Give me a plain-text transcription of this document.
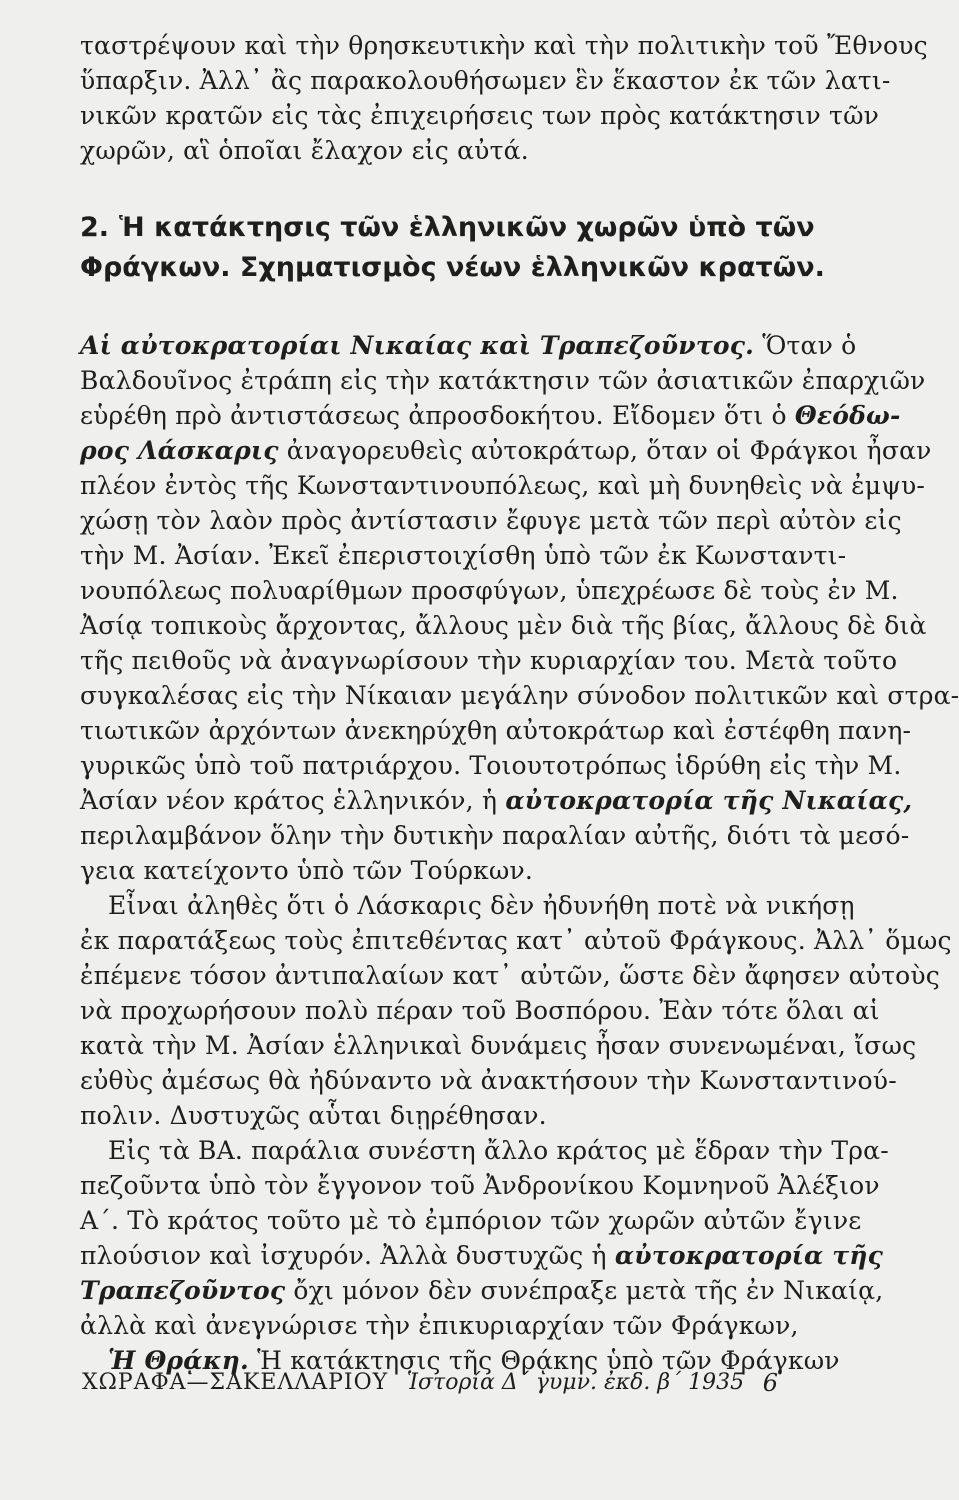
ταστρέψουν καὶ τὴν θρησκευτικὴν καὶ τὴν πολιτικὴν τοῦ Ἔθνους
ὕπαρξιν. Ἀλλ᾽ ἂς παρακολουθήσωμεν ἓν ἕκαστον ἐκ τῶν λατι-
νικῶν κρατῶν εἰς τὰς ἐπιχειρήσεις των πρὸς κατάκτησιν τῶν
χωρῶν, αἳ ὁποῖαι ἔλαχον εἰς αὐτά.
2. Ἡ κατάκτησις τῶν ἑλληνικῶν χωρῶν ὑπὸ τῶν
Φράγκων. Σχηματισμὸς νέων ἑλληνικῶν κρατῶν.
Αἱ αὐτοκρατορίαι Νικαίας καὶ Τραπεζοῦντος. Ὅταν ὁ
Βαλδουῖνος ἐτράπη εἰς τὴν κατάκτησιν τῶν ἀσιατικῶν ἐπαρχιῶν
εὑρέθη πρὸ ἀντιστάσεως ἀπροσδοκήτου. Εἴδομεν ὅτι ὁ Θεόδω-
ρος Λάσκαρις ἀναγορευθεὶς αὐτοκράτωρ, ὅταν οἱ Φράγκοι ἦσαν
πλέον ἐντὸς τῆς Κωνσταντινουπόλεως, καὶ μὴ δυνηθεὶς νὰ ἐμψυ-
χώσῃ τὸν λαὸν πρὸς ἀντίστασιν ἔφυγε μετὰ τῶν περὶ αὐτὸν εἰς
τὴν Μ. Ἀσίαν. Ἐκεῖ ἐπεριστοιχίσθη ὑπὸ τῶν ἐκ Κωνσταντι-
νουπόλεως πολυαρίθμων προσφύγων, ὑπεχρέωσε δὲ τοὺς ἐν Μ.
Ἀσίᾳ τοπικοὺς ἄρχοντας, ἄλλους μὲν διὰ τῆς βίας, ἄλλους δὲ διὰ
τῆς πειθοῦς νὰ ἀναγνωρίσουν τὴν κυριαρχίαν του. Μετὰ τοῦτο
συγκαλέσας εἰς τὴν Νίκαιαν μεγάλην σύνοδον πολιτικῶν καὶ στρα-
τιωτικῶν ἀρχόντων ἀνεκηρύχθη αὐτοκράτωρ καὶ ἐστέφθη πανη-
γυρικῶς ὑπὸ τοῦ πατριάρχου. Τοιουτοτρόπως ἱδρύθη εἰς τὴν Μ.
Ἀσίαν νέον κράτος ἑλληνικόν, ἡ αὐτοκρατορία τῆς Νικαίας,
περιλαμβάνον ὅλην τὴν δυτικὴν παραλίαν αὐτῆς, διότι τὰ μεσό-
γεια κατείχοντο ὑπὸ τῶν Τούρκων.
Εἶναι ἀληθὲς ὅτι ὁ Λάσκαρις δὲν ἠδυνήθη ποτὲ νὰ νικήσῃ
ἐκ παρατάξεως τοὺς ἐπιτεθέντας κατ᾽ αὐτοῦ Φράγκους. Ἀλλ᾽ ὅμως
ἐπέμενε τόσον ἀντιπαλαίων κατ᾽ αὐτῶν, ὥστε δὲν ἄφησεν αὐτοὺς
νὰ προχωρήσουν πολὺ πέραν τοῦ Βοσπόρου. Ἐὰν τότε ὅλαι αἱ
κατὰ τὴν Μ. Ἀσίαν ἑλληνικαὶ δυνάμεις ἦσαν συνενωμέναι, ἴσως
εὐθὺς ἀμέσως θὰ ἠδύναντο νὰ ἀνακτήσουν τὴν Κωνσταντινού-
πολιν. Δυστυχῶς αὗται διῃρέθησαν.
Εἰς τὰ ΒΑ. παράλια συνέστη ἄλλο κράτος μὲ ἕδραν τὴν Τρα-
πεζοῦντα ὑπὸ τὸν ἔγγονον τοῦ Ἀνδρονίκου Κομνηνοῦ Ἀλέξιον
Α΄. Τὸ κράτος τοῦτο μὲ τὸ ἐμπόριον τῶν χωρῶν αὐτῶν ἔγινε
πλούσιον καὶ ἰσχυρόν. Ἀλλὰ δυστυχῶς ἡ αὐτοκρατορία τῆς
Τραπεζοῦντος ὄχι μόνον δὲν συνέπραξε μετὰ τῆς ἐν Νικαίᾳ,
ἀλλὰ καὶ ἀνεγνώρισε τὴν ἐπικυριαρχίαν τῶν Φράγκων,
Ἡ Θρᾴκη. Ἡ κατάκτησις τῆς Θρᾴκης ὑπὸ τῶν Φράγκων
ΧΩΡΑΦΑ—ΣΑΚΕΛΛΑΡΙΟΥ Ἱστορία Δ΄ γυμν. ἐκδ. β΄ 1935 6
